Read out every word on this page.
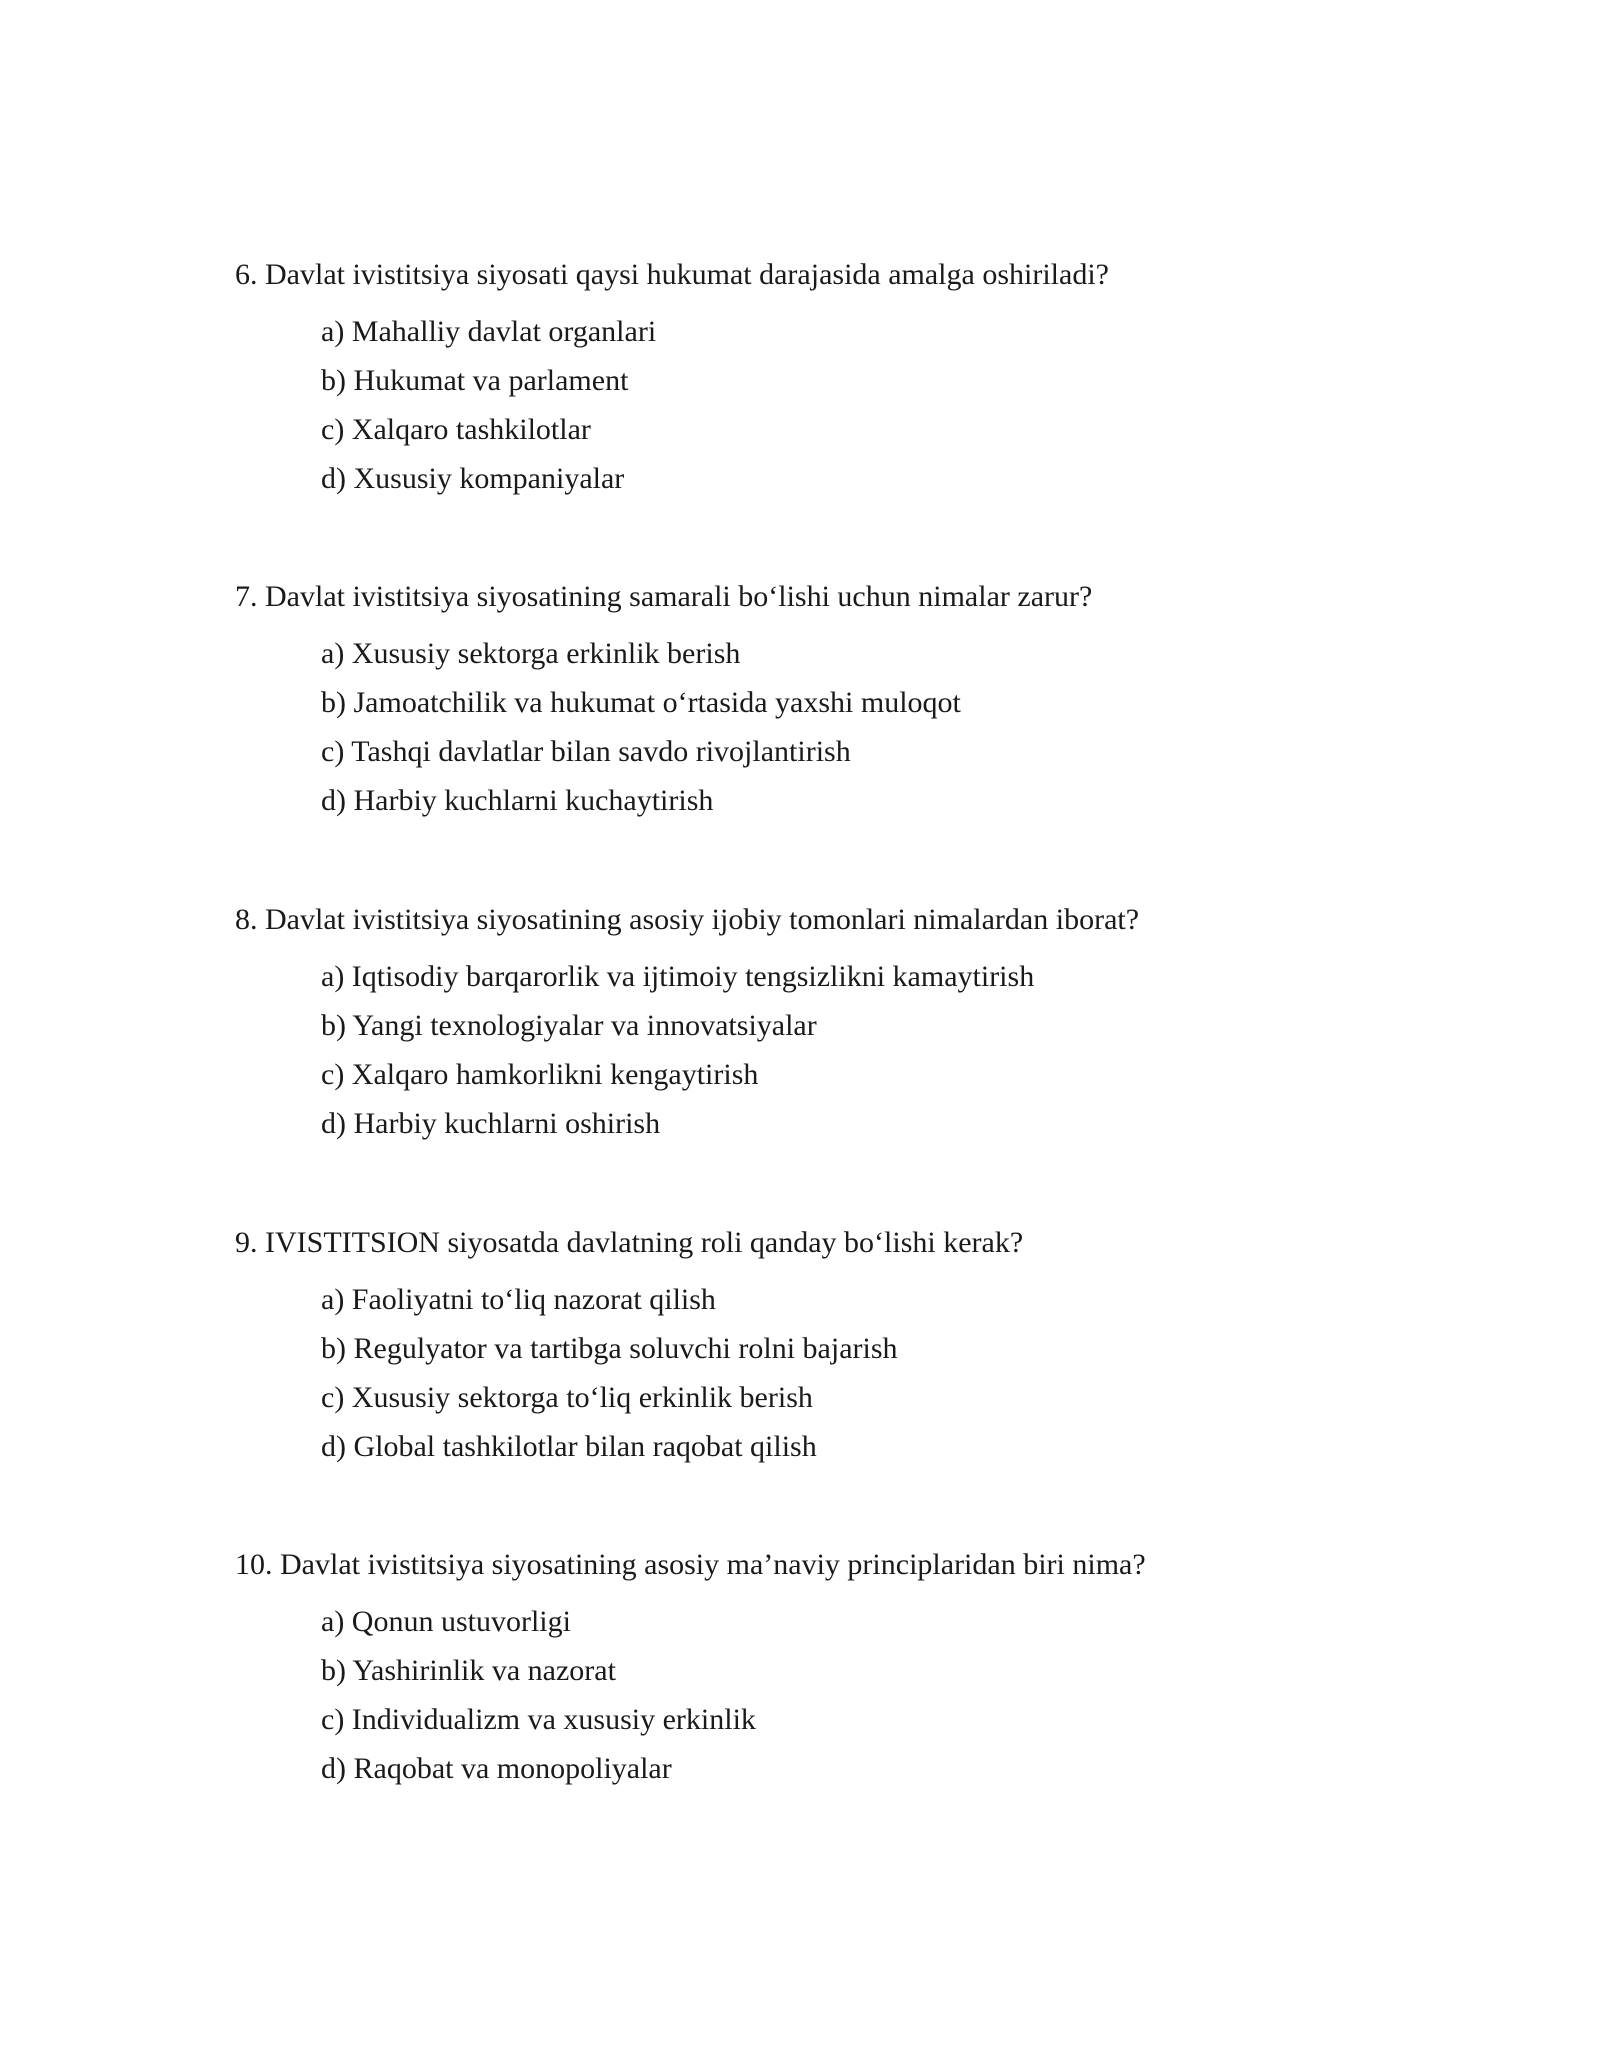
6. Davlat ivistitsiya siyosati qaysi hukumat darajasida amalga oshiriladi?

a) Mahalliy davlat organlari
b) Hukumat va parlament
c) Xalqaro tashkilotlar
d) Xususiy kompaniyalar

7. Davlat ivistitsiya siyosatining samarali bo‘lishi uchun nimalar zarur?

a) Xususiy sektorga erkinlik berish
b) Jamoatchilik va hukumat o‘rtasida yaxshi muloqot
c) Tashqi davlatlar bilan savdo rivojlantirish
d) Harbiy kuchlarni kuchaytirish

8. Davlat ivistitsiya siyosatining asosiy ijobiy tomonlari nimalardan iborat?

a) Iqtisodiy barqarorlik va ijtimoiy tengsizlikni kamaytirish
b) Yangi texnologiyalar va innovatsiyalar
c) Xalqaro hamkorlikni kengaytirish
d) Harbiy kuchlarni oshirish

9. IVISTITSION siyosatda davlatning roli qanday bo‘lishi kerak?

a) Faoliyatni to‘liq nazorat qilish
b) Regulyator va tartibga soluvchi rolni bajarish
c) Xususiy sektorga to‘liq erkinlik berish
d) Global tashkilotlar bilan raqobat qilish

10. Davlat ivistitsiya siyosatining asosiy ma’naviy principlaridan biri nima?

a) Qonun ustuvorligi
b) Yashirinlik va nazorat
c) Individualizm va xususiy erkinlik
d) Raqobat va monopoliyalar
